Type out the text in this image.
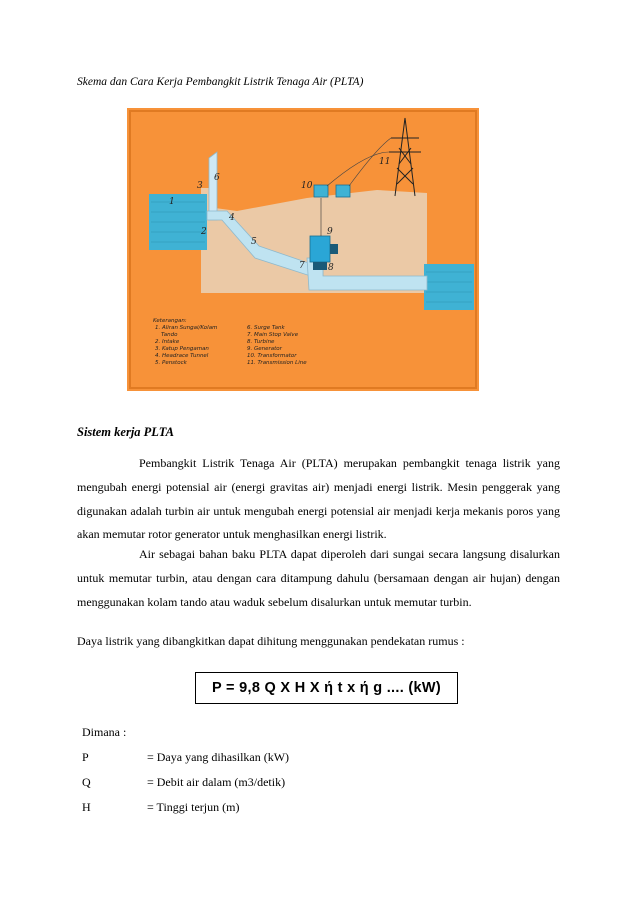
Skema dan Cara Kerja Pembangkit Listrik Tenaga Air (PLTA)
1
2
3
4
5
6
7	8
9
10
11
Keterangan:
1. Aliran Sungai/Kolam
Tando
2. Intake
3. Katup Pengaman
4. Headrace Tunnel
5. Penstock
6. Surge Tank
7. Main Stop Valve
8. Turbine
9. Generator
10. Transformator
11. Transmission Line
Sistem kerja PLTA
Pembangkit Listrik Tenaga Air (PLTA) merupakan pembangkit tenaga listrik yang mengubah energi potensial air (energi gravitas air) menjadi energi listrik. Mesin penggerak yang digunakan adalah turbin air untuk mengubah energi potensial air menjadi kerja mekanis poros yang akan memutar rotor generator untuk menghasilkan energi listrik.
Air sebagai bahan baku PLTA dapat diperoleh dari sungai secara langsung disalurkan untuk memutar turbin, atau dengan cara ditampung dahulu (bersamaan dengan air hujan) dengan menggunakan kolam tando atau waduk sebelum disalurkan untuk memutar turbin.
Daya listrik yang dibangkitkan dapat dihitung menggunakan pendekatan rumus :
P = 9,8 Q X H X ή t x ή g .... (kW)
Dimana :
P	= Daya yang dihasilkan (kW)
Q	= Debit air dalam (m3/detik)
H	= Tinggi terjun (m)
